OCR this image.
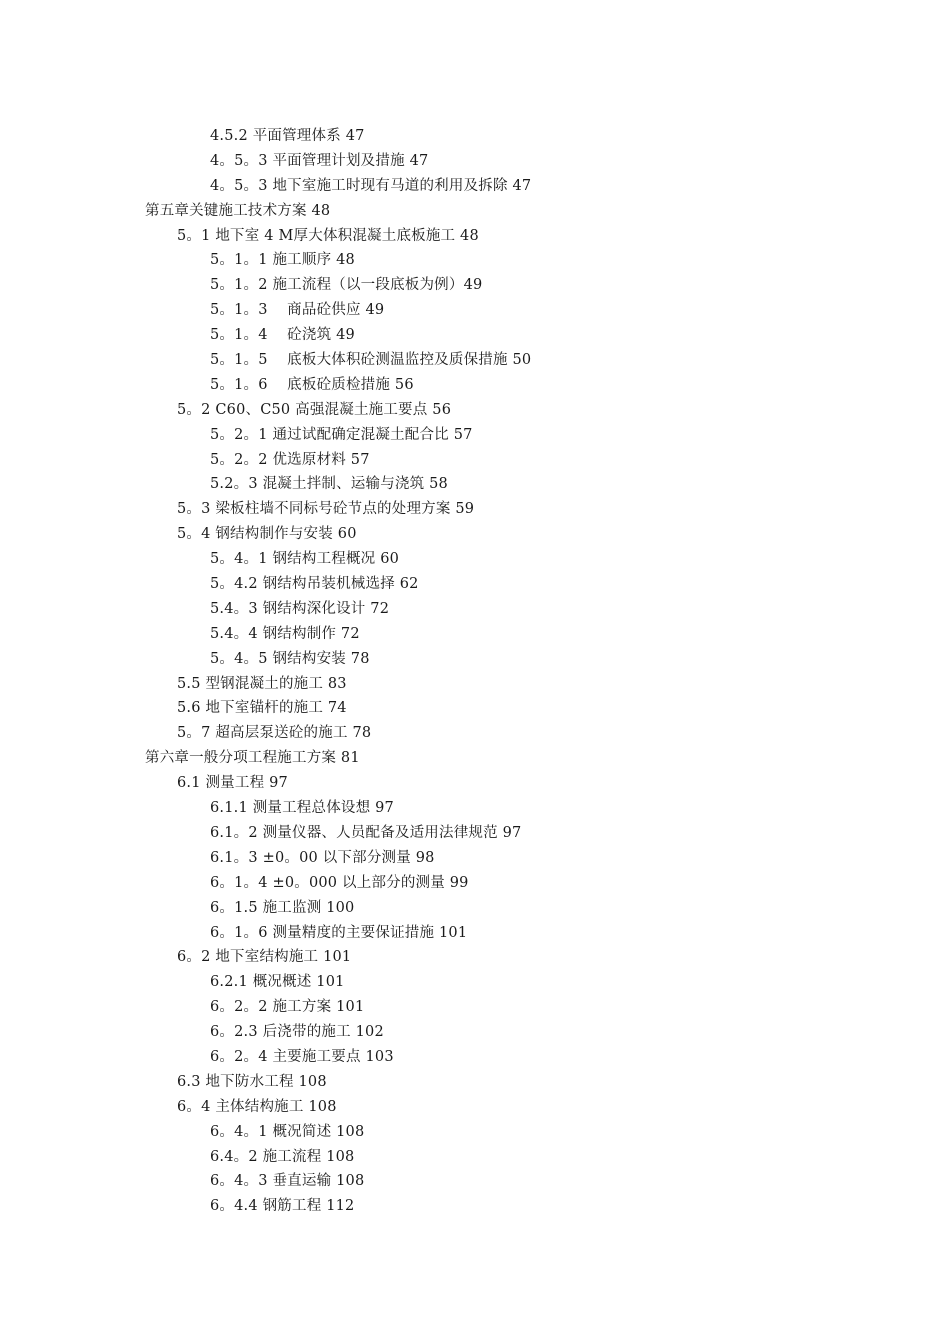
4.5.2 平面管理体系 47
4。5。3 平面管理计划及措施 47
4。5。3 地下室施工时现有马道的利用及拆除 47
第五章关键施工技术方案 48
5。1 地下室 4 M厚大体积混凝土底板施工 48
5。1。1 施工顺序 48
5。1。2 施工流程（以一段底板为例）49
5。1。3　 商品砼供应 49
5。1。4　 砼浇筑 49
5。1。5　 底板大体积砼测温监控及质保措施 50
5。1。6　 底板砼质检措施 56
5。2 C60、C50 高强混凝土施工要点 56
5。2。1 通过试配确定混凝土配合比 57
5。2。2 优选原材料 57
5.2。3 混凝土拌制、运输与浇筑 58
5。3 梁板柱墙不同标号砼节点的处理方案 59
5。4 钢结构制作与安装 60
5。4。1 钢结构工程概况 60
5。4.2 钢结构吊装机械选择 62
5.4。3 钢结构深化设计 72
5.4。4 钢结构制作 72
5。4。5 钢结构安装 78
5.5 型钢混凝土的施工 83
5.6 地下室锚杆的施工 74
5。7 超高层泵送砼的施工 78
第六章一般分项工程施工方案 81
6.1 测量工程 97
6.1.1 测量工程总体设想 97
6.1。2 测量仪器、人员配备及适用法律规范 97
6.1。3 ±0。00 以下部分测量 98
6。1。4 ±0。000 以上部分的测量 99
6。1.5 施工监测 100
6。1。6 测量精度的主要保证措施 101
6。2 地下室结构施工 101
6.2.1 概况概述 101
6。2。2 施工方案 101
6。2.3 后浇带的施工 102
6。2。4 主要施工要点 103
6.3 地下防水工程 108
6。4 主体结构施工 108
6。4。1 概况简述 108
6.4。2 施工流程 108
6。4。3 垂直运输 108
6。4.4 钢筋工程 112
